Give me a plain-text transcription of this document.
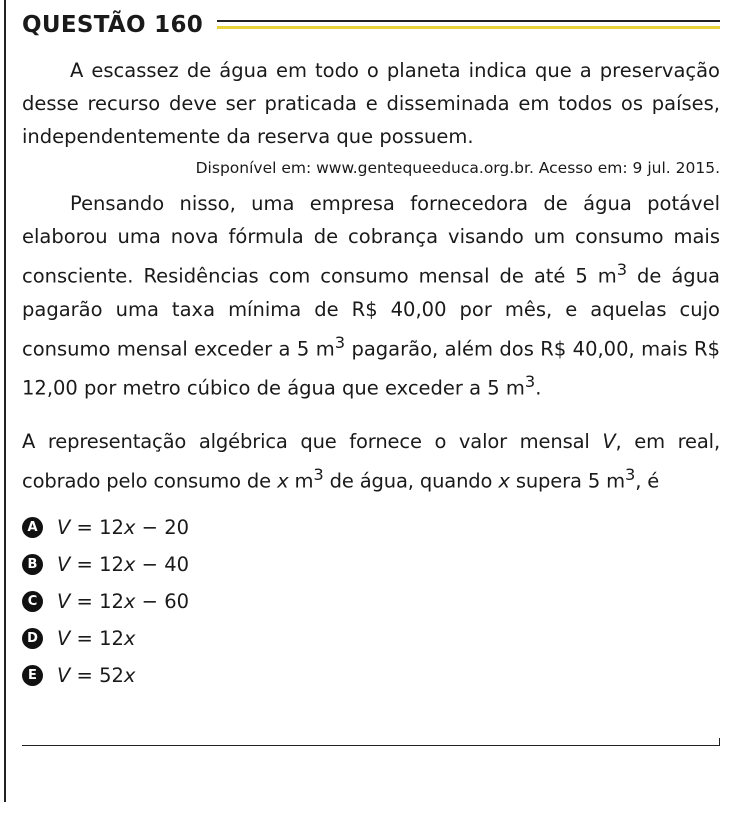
QUESTÃO 160

A escassez de água em todo o planeta indica que a preservação desse recurso deve ser praticada e disseminada em todos os países, independentemente da reserva que possuem.

Disponível em: www.gentequeeduca.org.br. Acesso em: 9 jul. 2015.

Pensando nisso, uma empresa fornecedora de água potável elaborou uma nova fórmula de cobrança visando um consumo mais consciente. Residências com consumo mensal de até 5 $m^3$ de água pagarão uma taxa mínima de R$ 40,00 por mês, e aquelas cujo consumo mensal exceder a 5 $m^3$ pagarão, além dos R$ 40,00, mais R$ 12,00 por metro cúbico de água que exceder a 5 $m^3$.

A representação algébrica que fornece o valor mensal V, em real, cobrado pelo consumo de x $m^3$ de água, quando x supera 5 $m^3$, é

A V = 12x − 20
B V = 12x − 40
C V = 12x − 60
D V = 12x
E	V = 52x
